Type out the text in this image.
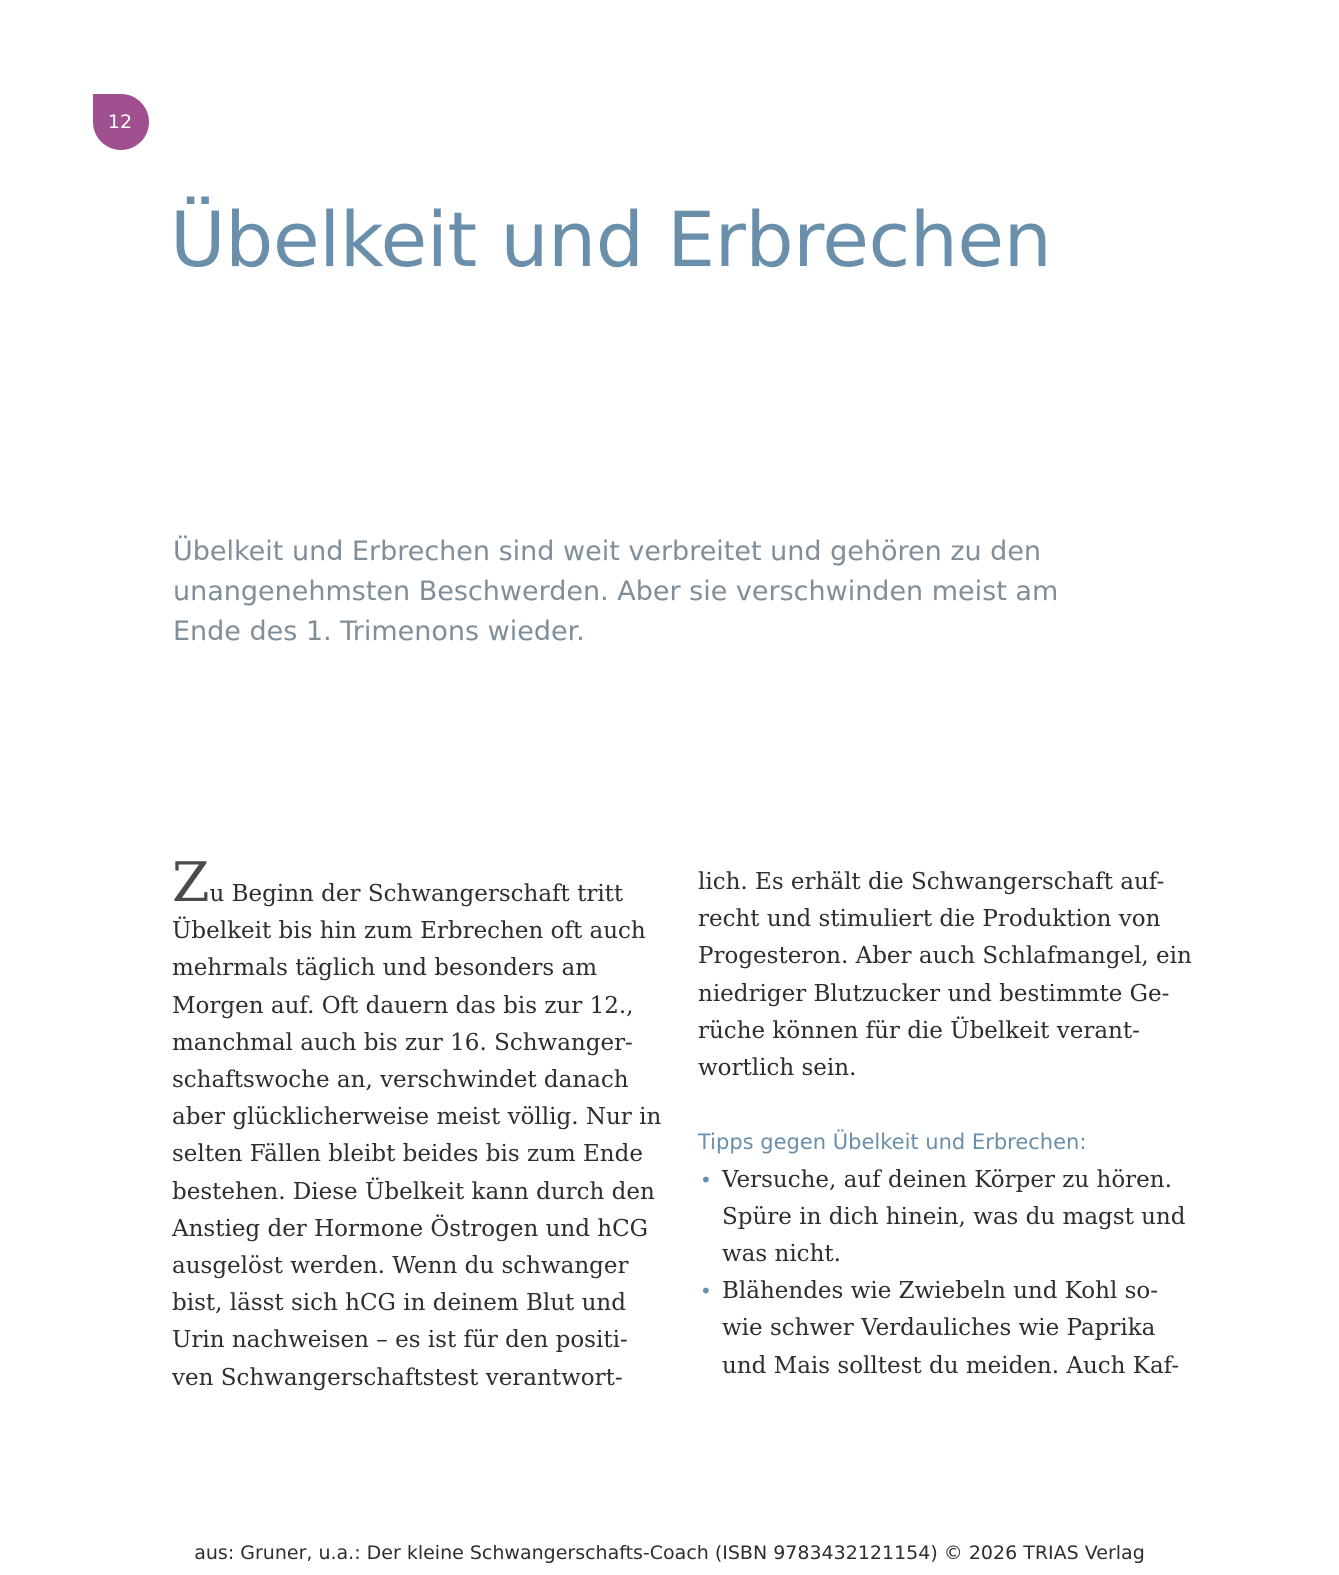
12
Übelkeit und Erbrechen
Übelkeit und Erbrechen sind weit verbreitet und gehören zu den
unangenehmsten Beschwerden. Aber sie verschwinden meist am
Ende des 1. Trimenons wieder.

Zu Beginn der Schwangerschaft tritt
Übelkeit bis hin zum Erbrechen oft auch
mehrmals täglich und besonders am
Morgen auf. Oft dauern das bis zur 12.,
manchmal auch bis zur 16. Schwanger-
schaftswoche an, verschwindet danach
aber glücklicherweise meist völlig. Nur in
selten Fällen bleibt beides bis zum Ende
bestehen. Diese Übelkeit kann durch den
Anstieg der Hormone Östrogen und hCG
ausgelöst werden. Wenn du schwanger
bist, lässt sich hCG in deinem Blut und
Urin nachweisen – es ist für den positi-
ven Schwangerschaftstest verantwort-

lich. Es erhält die Schwangerschaft auf-
recht und stimuliert die Produktion von
Progesteron. Aber auch Schlafmangel, ein
niedriger Blutzucker und bestimmte Ge-
rüche können für die Übelkeit verant-
wortlich sein.

Tipps gegen Übelkeit und Erbrechen:
• Versuche, auf deinen Körper zu hören.
Spüre in dich hinein, was du magst und
was nicht.
• Blähendes wie Zwiebeln und Kohl so-
wie schwer Verdauliches wie Paprika
und Mais solltest du meiden. Auch Kaf-
aus: Gruner, u.a.: Der kleine Schwangerschafts-Coach (ISBN 9783432121154) © 2026 TRIAS Verlag
